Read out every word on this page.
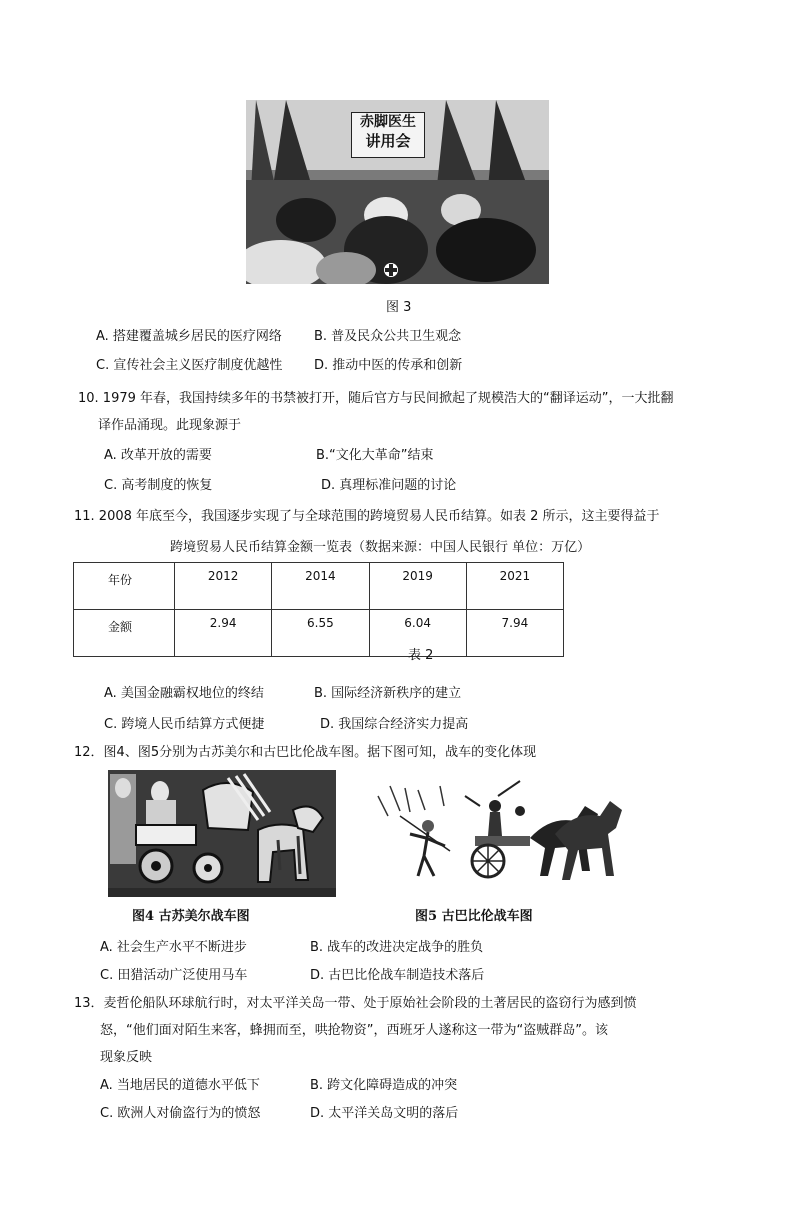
赤脚医生
讲用会
图 3
A. 搭建覆盖城乡居民的医疗网络 B. 普及民众公共卫生观念
C. 宣传社会主义医疗制度优越性 D. 推动中医的传承和创新
10. 1979 年春，我国持续多年的书禁被打开，随后官方与民间掀起了规模浩大的“翻译运动”，一大批翻
译作品涌现。此现象源于
A. 改革开放的需要	B.“文化大革命”结束
C. 高考制度的恢复	D. 真理标准问题的讨论
11. 2008 年底至今，我国逐步实现了与全球范围的跨境贸易人民币结算。如表 2 所示，这主要得益于
跨境贸易人民币结算金额一览表（数据来源：中国人民银行 单位：万亿）
年份	2012	2014	2019	2021
金额	2.94	6.55	6.04	7.94
表 2
A. 美国金融霸权地位的终结	B. 国际经济新秩序的建立
C. 跨境人民币结算方式便捷	D. 我国综合经济实力提高
12．图4、图5分别为古苏美尔和古巴比伦战车图。据下图可知，战车的变化体现
图4 古苏美尔战车图	图5 古巴比伦战车图
A. 社会生产水平不断进步	B. 战车的改进决定战争的胜负
C. 田猎活动广泛使用马车	D. 古巴比伦战车制造技术落后
13．麦哲伦船队环球航行时，对太平洋关岛一带、处于原始社会阶段的土著居民的盗窃行为感到愤
怒，“他们面对陌生来客，蜂拥而至，哄抢物资”，西班牙人遂称这一带为“盗贼群岛”。该
现象反映
A. 当地居民的道德水平低下	B. 跨文化障碍造成的冲突
C. 欧洲人对偷盗行为的愤怒	D. 太平洋关岛文明的落后
